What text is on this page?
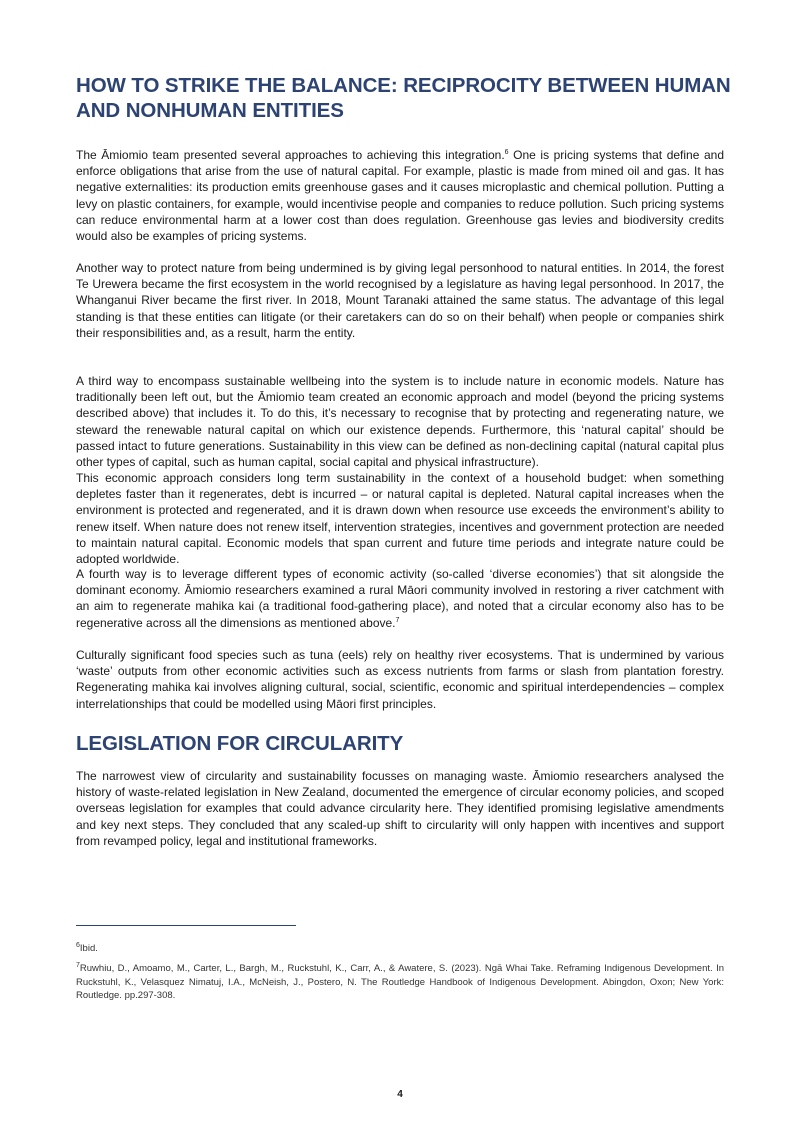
HOW TO STRIKE THE BALANCE: RECIPROCITY BETWEEN HUMAN AND NONHUMAN ENTITIES

The Āmiomio team presented several approaches to achieving this integration.$^6$ One is pricing systems that define and enforce obligations that arise from the use of natural capital. For example, plastic is made from mined oil and gas. It has negative externalities: its production emits greenhouse gases and it causes microplastic and chemical pollution. Putting a levy on plastic containers, for example, would incentivise people and companies to reduce pollution. Such pricing systems can reduce environmental harm at a lower cost than does regulation. Greenhouse gas levies and biodiversity credits would also be examples of pricing systems.

Another way to protect nature from being undermined is by giving legal personhood to natural entities. In 2014, the forest Te Urewera became the first ecosystem in the world recognised by a legislature as having legal personhood. In 2017, the Whanganui River became the first river. In 2018, Mount Taranaki attained the same status. The advantage of this legal standing is that these entities can litigate (or their caretakers can do so on their behalf) when people or companies shirk their responsibilities and, as a result, harm the entity.

A third way to encompass sustainable wellbeing into the system is to include nature in economic models. Nature has traditionally been left out, but the Āmiomio team created an economic approach and model (beyond the pricing systems described above) that includes it. To do this, it’s necessary to recognise that by protecting and regenerating nature, we steward the renewable natural capital on which our existence depends. Furthermore, this ‘natural capital’ should be passed intact to future generations. Sustainability in this view can be defined as non-declining capital (natural capital plus other types of capital, such as human capital, social capital and physical infrastructure).

This economic approach considers long term sustainability in the context of a household budget: when something depletes faster than it regenerates, debt is incurred – or natural capital is depleted. Natural capital increases when the environment is protected and regenerated, and it is drawn down when resource use exceeds the environment’s ability to renew itself. When nature does not renew itself, intervention strategies, incentives and government protection are needed to maintain natural capital. Economic models that span current and future time periods and integrate nature could be adopted worldwide.

A fourth way is to leverage different types of economic activity (so-called ‘diverse economies’) that sit alongside the dominant economy. Āmiomio researchers examined a rural Māori community involved in restoring a river catchment with an aim to regenerate mahika kai (a traditional food-gathering place), and noted that a circular economy also has to be regenerative across all the dimensions as mentioned above.$^7$

Culturally significant food species such as tuna (eels) rely on healthy river ecosystems. That is undermined by various ‘waste’ outputs from other economic activities such as excess nutrients from farms or slash from plantation forestry. Regenerating mahika kai involves aligning cultural, social, scientific, economic and spiritual interdependencies – complex interrelationships that could be modelled using Māori first principles.

LEGISLATION FOR CIRCULARITY

The narrowest view of circularity and sustainability focusses on managing waste. Āmiomio researchers analysed the history of waste-related legislation in New Zealand, documented the emergence of circular economy policies, and scoped overseas legislation for examples that could advance circularity here. They identified promising legislative amendments and key next steps. They concluded that any scaled-up shift to circularity will only happen with incentives and support from revamped policy, legal and institutional frameworks.

$^6$Ibid.
$^7$Ruwhiu, D., Amoamo, M., Carter, L., Bargh, M., Ruckstuhl, K., Carr, A., & Awatere, S. (2023). Ngā Whai Take. Reframing Indigenous Development. In Ruckstuhl, K., Velasquez Nimatuj, I.A., McNeish, J., Postero, N. The Routledge Handbook of Indigenous Development. Abingdon, Oxon; New York: Routledge. pp.297-308.
4
